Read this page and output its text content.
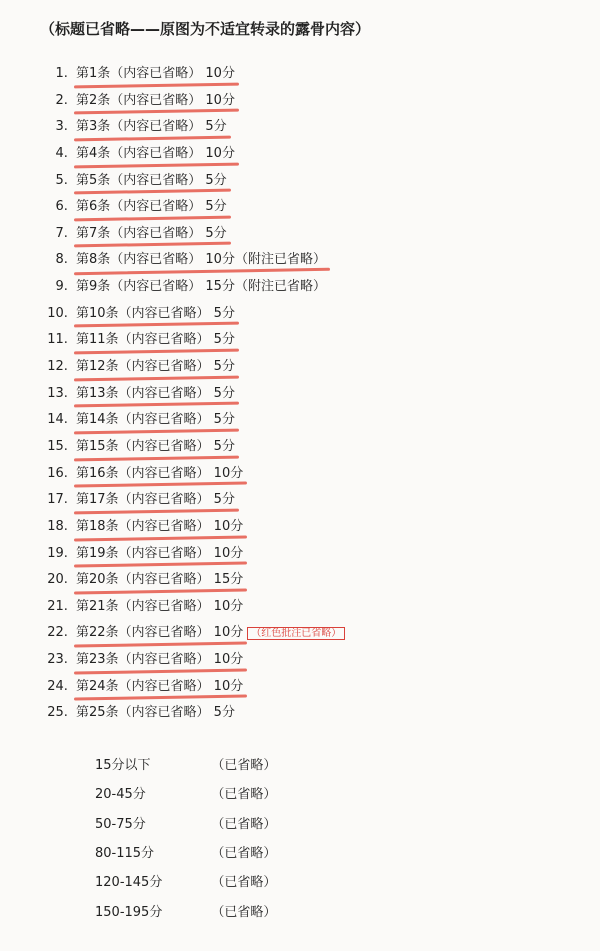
（标题已省略——原图为不适宜转录的露骨内容）
1. 第1条（内容已省略） 10分
2. 第2条（内容已省略） 10分
3. 第3条（内容已省略） 5分
4. 第4条（内容已省略） 10分
5. 第5条（内容已省略） 5分
6. 第6条（内容已省略） 5分
7. 第7条（内容已省略） 5分
8. 第8条（内容已省略） 10分（附注已省略）
9. 第9条（内容已省略） 15分（附注已省略）
10. 第10条（内容已省略） 5分
11. 第11条（内容已省略） 5分
12. 第12条（内容已省略） 5分
13. 第13条（内容已省略） 5分
14. 第14条（内容已省略） 5分
15. 第15条（内容已省略） 5分
16. 第16条（内容已省略） 10分
17. 第17条（内容已省略） 5分
18. 第18条（内容已省略） 10分
19. 第19条（内容已省略） 10分
20. 第20条（内容已省略） 15分
21. 第21条（内容已省略） 10分
22. 第22条（内容已省略） 10分 （红色批注已省略）
23. 第23条（内容已省略） 10分
24. 第24条（内容已省略） 10分
25. 第25条（内容已省略） 5分
15分以下	（已省略）
20-45分	（已省略）
50-75分	（已省略）
80-115分	（已省略）
120-145分	（已省略）
150-195分	（已省略）
